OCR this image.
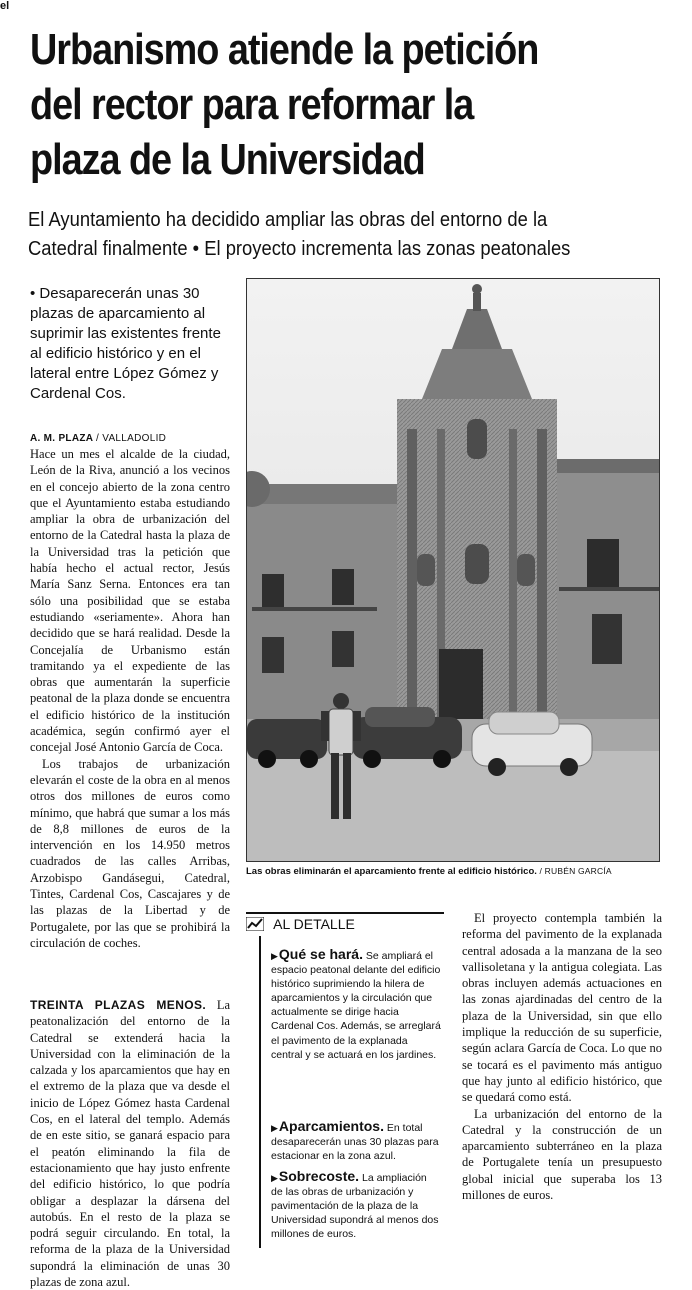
el
Urbanismo atiende la petición
del rector para reformar la
plaza de la Universidad
El Ayuntamiento ha decidido ampliar las obras del entorno de la
Catedral finalmente • El proyecto incrementa las zonas peatonales
• Desaparecerán unas 30 plazas de aparcamiento al suprimir las existentes frente al edificio histórico y en el lateral entre López Gómez y Cardenal Cos.
A. M. PLAZA / VALLADOLID

Hace un mes el alcalde de la ciudad, León de la Riva, anunció a los vecinos en el concejo abierto de la zona centro que el Ayuntamiento estaba estudiando ampliar la obra de urbanización del entorno de la Catedral hasta la plaza de la Universidad tras la petición que había hecho el actual rector, Jesús María Sanz Serna. Entonces era tan sólo una posibilidad que se estaba estudiando «seriamente». Ahora han decidido que se hará realidad. Desde la Concejalía de Urbanismo están tramitando ya el expediente de las obras que aumentarán la superficie peatonal de la plaza donde se encuentra el edificio histórico de la institución académica, según confirmó ayer el concejal José Antonio García de Coca.

Los trabajos de urbanización elevarán el coste de la obra en al menos otros dos millones de euros como mínimo, que habrá que sumar a los más de 8,8 millones de euros de la intervención en los 14.950 metros cuadrados de las calles Arribas, Arzobispo Gandásegui, Catedral, Tintes, Cardenal Cos, Cascajares y de las plazas de la Libertad y de Portugalete, por las que se prohibirá la circulación de coches.

TREINTA PLAZAS MENOS. La peatonalización del entorno de la Catedral se extenderá hacia la Universidad con la eliminación de la calzada y los aparcamientos que hay en el extremo de la plaza que va desde el inicio de López Gómez hasta Cardenal Cos, en el lateral del templo. Además de en este sitio, se ganará espacio para el peatón eliminando la fila de estacionamiento que hay justo enfrente del edificio histórico, lo que podría obligar a desplazar la dársena del autobús. En el resto de la plaza se podrá seguir circulando. En total, la reforma de la plaza de la Universidad supondrá la eliminación de unas 30 plazas de zona azul.

Las obras eliminarán el aparcamiento frente al edificio histórico. / RUBÉN GARCÍA
AL DETALLE
▶Qué se hará. Se ampliará el espacio peatonal delante del edificio histórico suprimiendo la hilera de aparcamientos y la circulación que actualmente se dirige hacia Cardenal Cos. Además, se arreglará el pavimento de la explanada central y se actuará en los jardines.
▶Aparcamientos. En total desaparecerán unas 30 plazas para estacionar en la zona azul.
▶Sobrecoste. La ampliación de las obras de urbanización y pavimentación de la plaza de la Universidad supondrá al menos dos millones de euros.

El proyecto contempla también la reforma del pavimento de la explanada central adosada a la manzana de la seo vallisoletana y la antigua colegiata. Las obras incluyen además actuaciones en las zonas ajardinadas del centro de la plaza de la Universidad, sin que ello implique la reducción de su superficie, según aclara García de Coca. Lo que no se tocará es el pavimento más antiguo que hay junto al edificio histórico, que se quedará como está.

La urbanización del entorno de la Catedral y la construcción de un aparcamiento subterráneo en la plaza de Portugalete tenía un presupuesto global inicial que superaba los 13 millones de euros.
